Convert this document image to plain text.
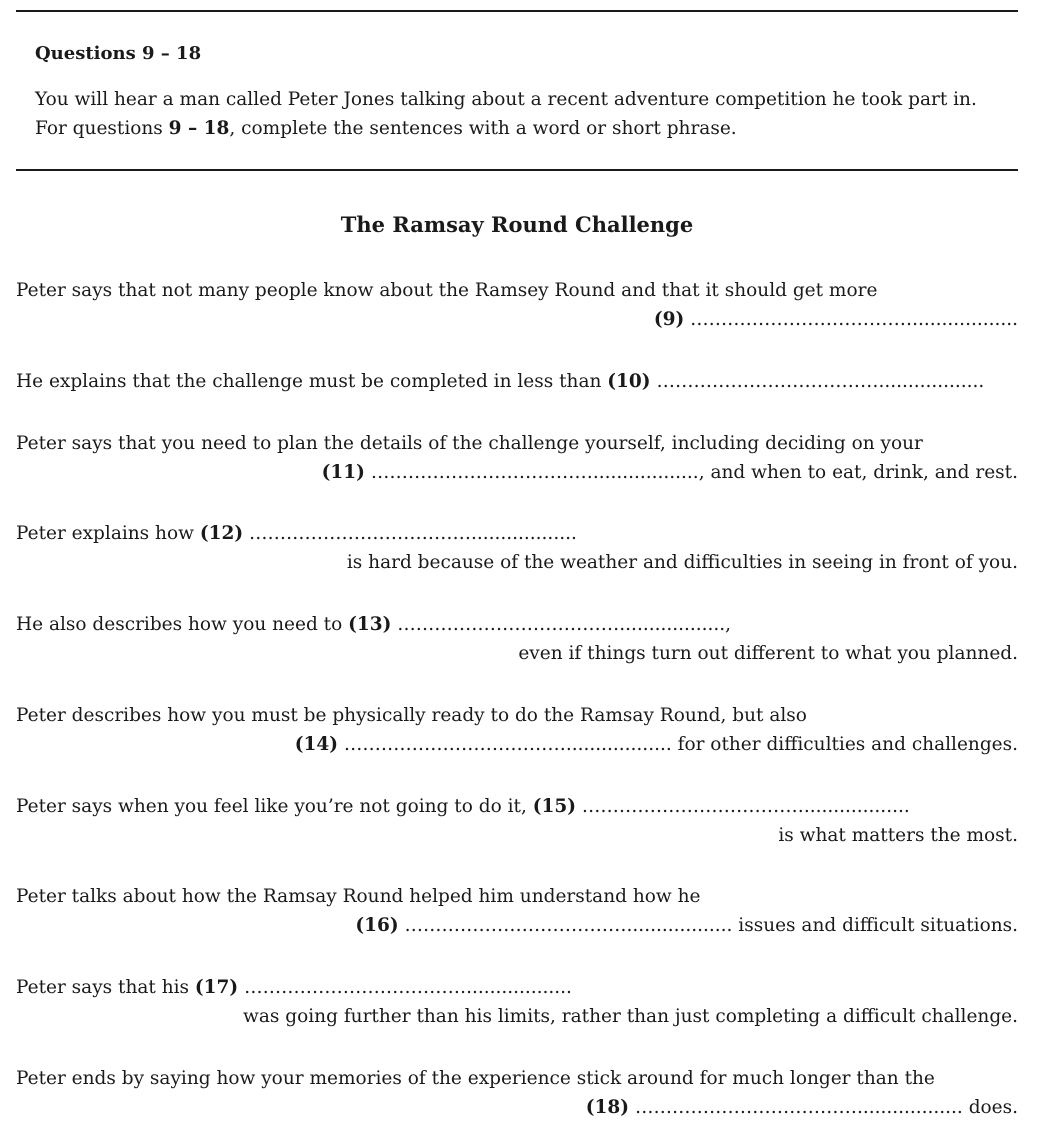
Questions 9 – 18
You will hear a man called Peter Jones talking about a recent adventure competition he took part in.
For questions 9 – 18, complete the sentences with a word or short phrase.
The Ramsay Round Challenge
Peter says that not many people know about the Ramsey Round and that it should get more
(9) ………………………………..................
He explains that the challenge must be completed in less than (10) ………………………………..................
Peter says that you need to plan the details of the challenge yourself, including deciding on your
(11) ……………………………….................., and when to eat, drink, and rest.
Peter explains how (12) ………………………………..................
is hard because of the weather and difficulties in seeing in front of you.
He also describes how you need to (13) ………………………………..................,
even if things turn out different to what you planned.
Peter describes how you must be physically ready to do the Ramsay Round, but also
(14) ……………………………….................. for other difficulties and challenges.
Peter says when you feel like you’re not going to do it, (15) ………………………………..................
is what matters the most.
Peter talks about how the Ramsay Round helped him understand how he
(16) ……………………………….................. issues and difficult situations.
Peter says that his (17) ………………………………..................
was going further than his limits, rather than just completing a difficult challenge.
Peter ends by saying how your memories of the experience stick around for much longer than the
(18) ……………………………….................. does.
